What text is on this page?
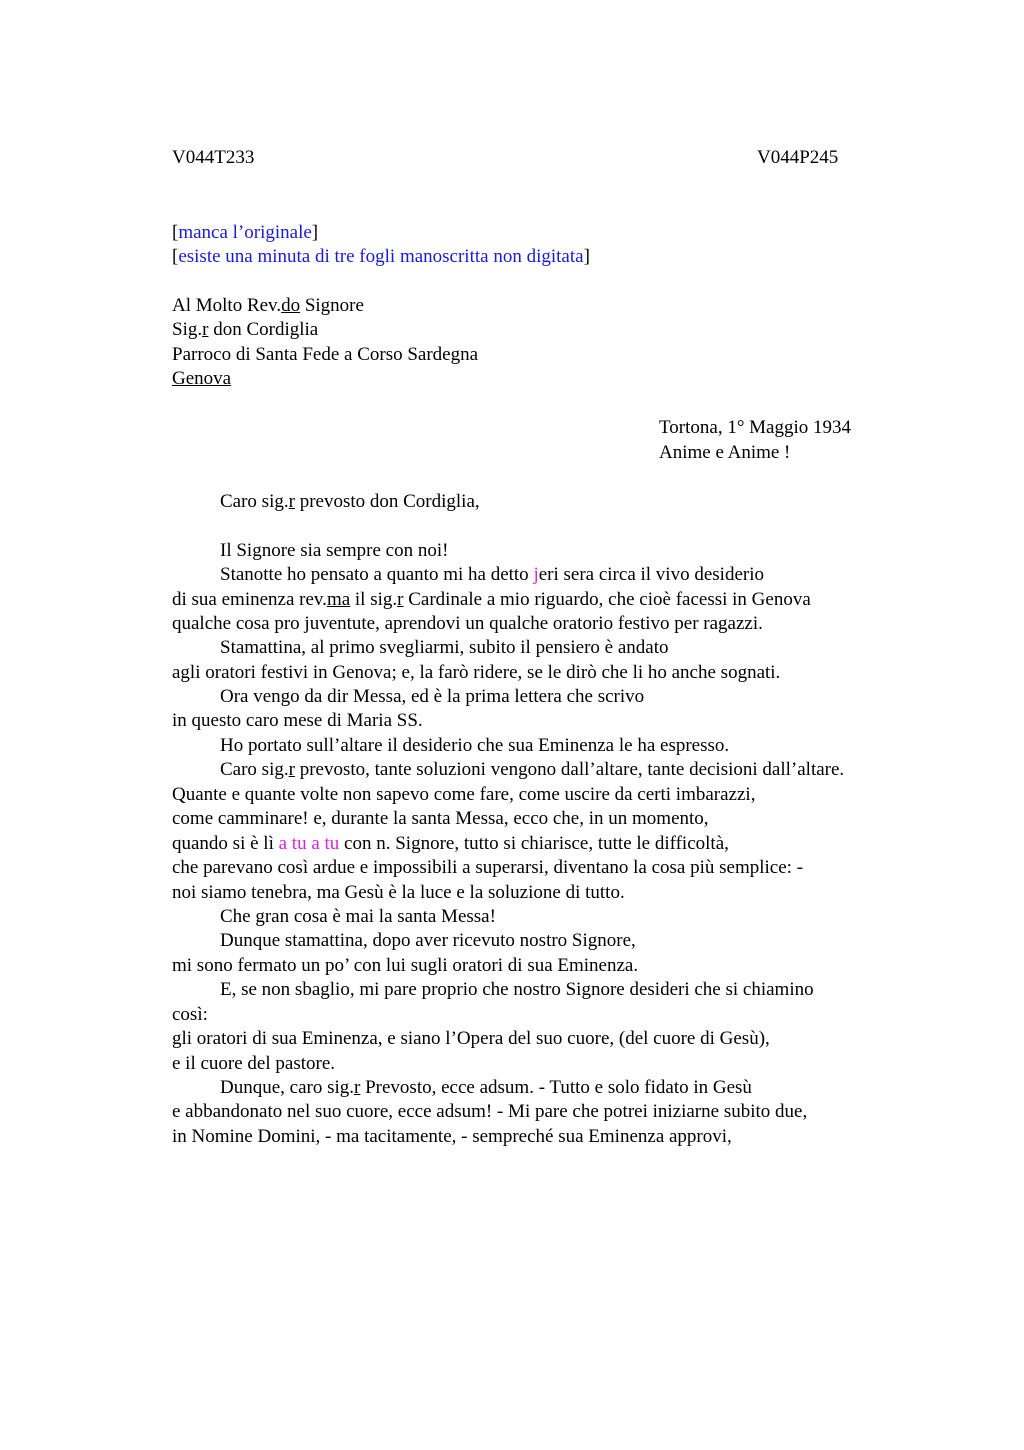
V044T233	V044P245
[manca l’originale]
[esiste una minuta di tre fogli manoscritta non digitata]
Al Molto Rev.do Signore
Sig.r don Cordiglia
Parroco di Santa Fede a Corso Sardegna
Genova
Tortona, 1° Maggio 1934
Anime e Anime !
Caro sig.r prevosto don Cordiglia,
Il Signore sia sempre con noi!
Stanotte ho pensato a quanto mi ha detto jeri sera circa il vivo desiderio
di sua eminenza rev.ma il sig.r Cardinale a mio riguardo, che cioè facessi in Genova
qualche cosa pro juventute, aprendovi un qualche oratorio festivo per ragazzi.
Stamattina, al primo svegliarmi, subito il pensiero è andato
agli oratori festivi in Genova; e, la farò ridere, se le dirò che li ho anche sognati.
Ora vengo da dir Messa, ed è la prima lettera che scrivo
in questo caro mese di Maria SS.
Ho portato sull’altare il desiderio che sua Eminenza le ha espresso.
Caro sig.r prevosto, tante soluzioni vengono dall’altare, tante decisioni dall’altare.
Quante e quante volte non sapevo come fare, come uscire da certi imbarazzi,
come camminare! e, durante la santa Messa, ecco che, in un momento,
quando si è lì a tu a tu con n. Signore, tutto si chiarisce, tutte le difficoltà,
che parevano così ardue e impossibili a superarsi, diventano la cosa più semplice: -
noi siamo tenebra, ma Gesù è la luce e la soluzione di tutto.
Che gran cosa è mai la santa Messa!
Dunque stamattina, dopo aver ricevuto nostro Signore,
mi sono fermato un po’ con lui sugli oratori di sua Eminenza.
E, se non sbaglio, mi pare proprio che nostro Signore desideri che si chiamino
così:
gli oratori di sua Eminenza, e siano l’Opera del suo cuore, (del cuore di Gesù),
e il cuore del pastore.
Dunque, caro sig.r Prevosto, ecce adsum. - Tutto e solo fidato in Gesù
e abbandonato nel suo cuore, ecce adsum! - Mi pare che potrei iniziarne subito due,
in Nomine Domini, - ma tacitamente, - sempreché sua Eminenza approvi,
